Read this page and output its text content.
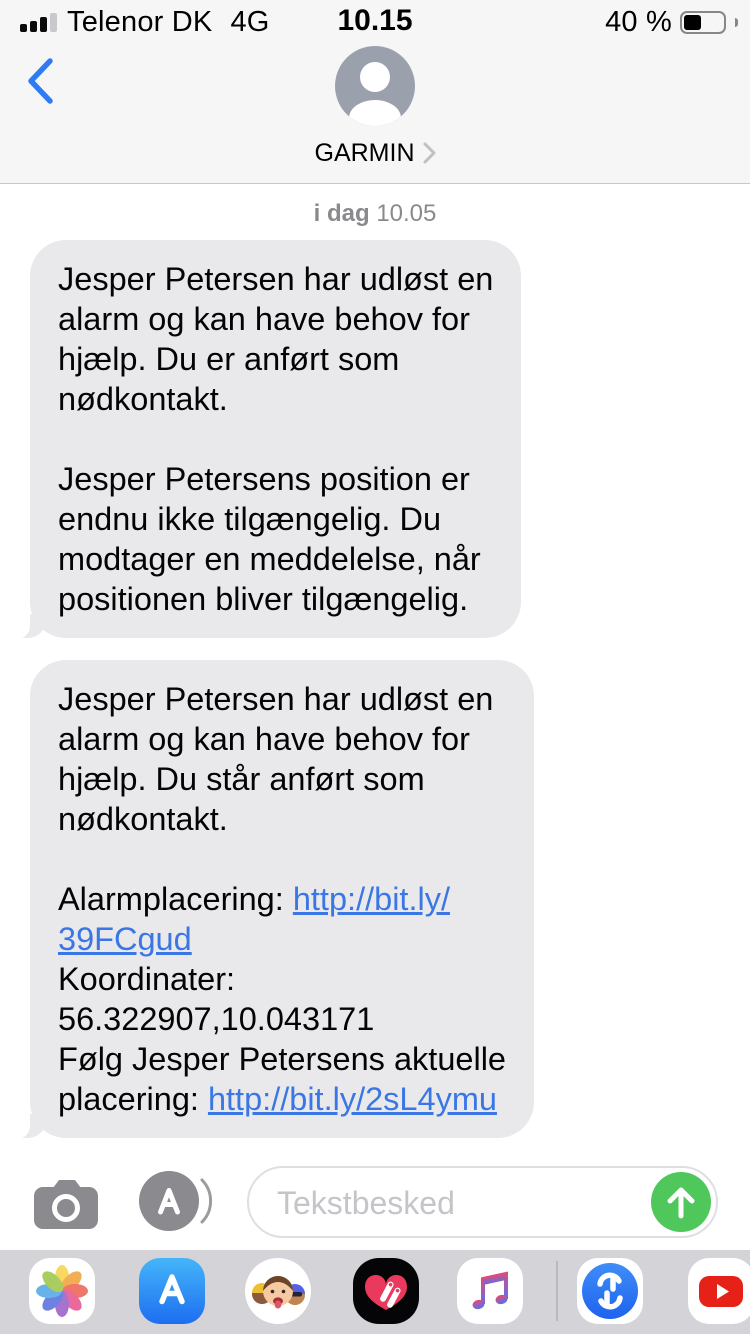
Telenor DK 4G	10.15	40 %
GARMIN
i dag 10.05
Jesper Petersen har udløst en
alarm og kan have behov for
hjælp. Du er anført som
nødkontakt.

Jesper Petersens position er
endnu ikke tilgængelig. Du
modtager en meddelelse, når
positionen bliver tilgængelig.
Jesper Petersen har udløst en
alarm og kan have behov for
hjælp. Du står anført som
nødkontakt.

Alarmplacering: http://bit.ly/
39FCgud
Koordinater:
56.322907,10.043171
Følg Jesper Petersens aktuelle
placering: http://bit.ly/2sL4ymu
Tekstbesked
